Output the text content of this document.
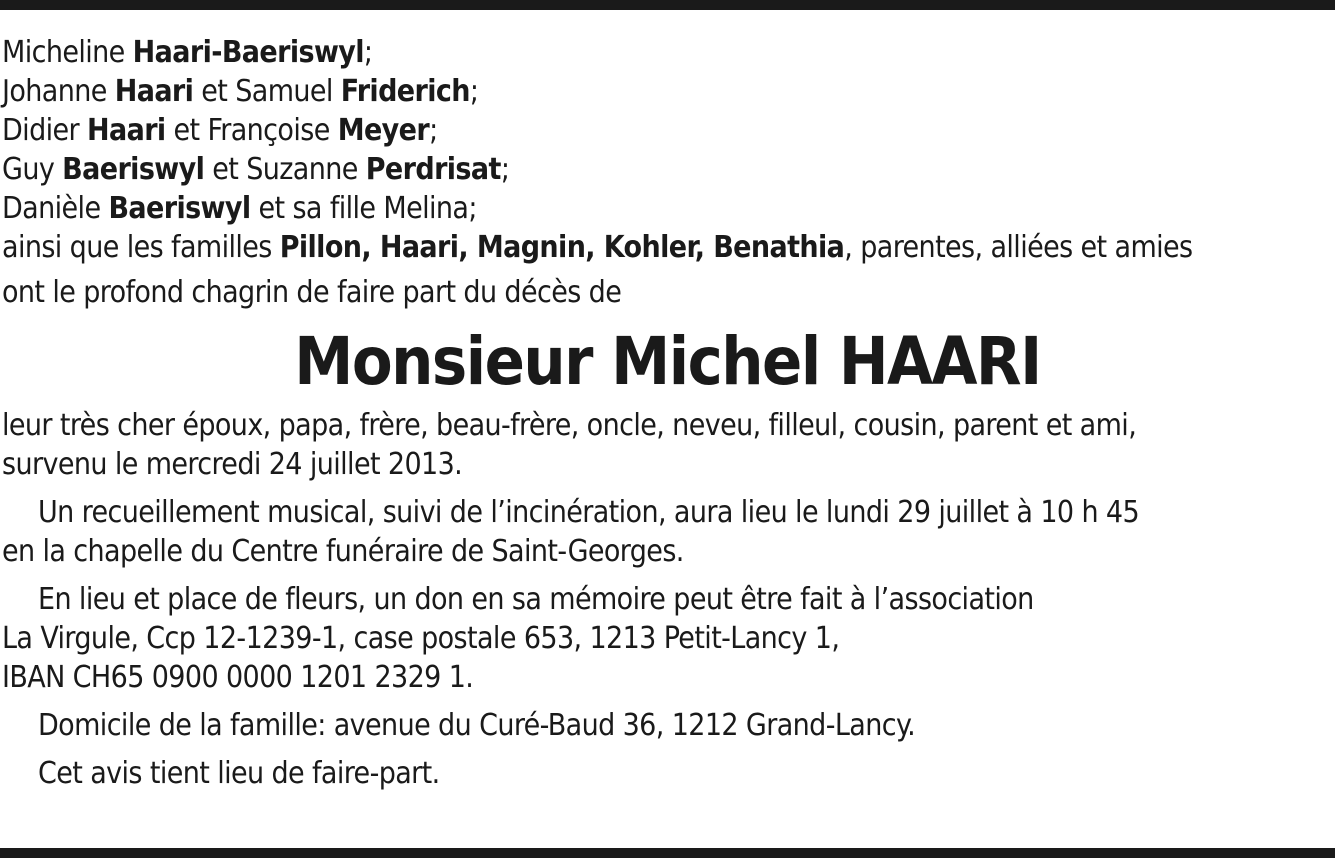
Micheline Haari-Baeriswyl;
Johanne Haari et Samuel Friderich;
Didier Haari et Françoise Meyer;
Guy Baeriswyl et Suzanne Perdrisat;
Danièle Baeriswyl et sa fille Melina;
ainsi que les familles Pillon, Haari, Magnin, Kohler, Benathia, parentes, alliées et amies
ont le profond chagrin de faire part du décès de
Monsieur Michel HAARI
leur très cher époux, papa, frère, beau-frère, oncle, neveu, filleul, cousin, parent et ami,
survenu le mercredi 24 juillet 2013.
Un recueillement musical, suivi de l’incinération, aura lieu le lundi 29 juillet à 10 h 45
en la chapelle du Centre funéraire de Saint-Georges.
En lieu et place de fleurs, un don en sa mémoire peut être fait à l’association
La Virgule, Ccp 12-1239-1, case postale 653, 1213 Petit-Lancy 1,
IBAN CH65 0900 0000 1201 2329 1.
Domicile de la famille: avenue du Curé-Baud 36, 1212 Grand-Lancy.
Cet avis tient lieu de faire-part.
